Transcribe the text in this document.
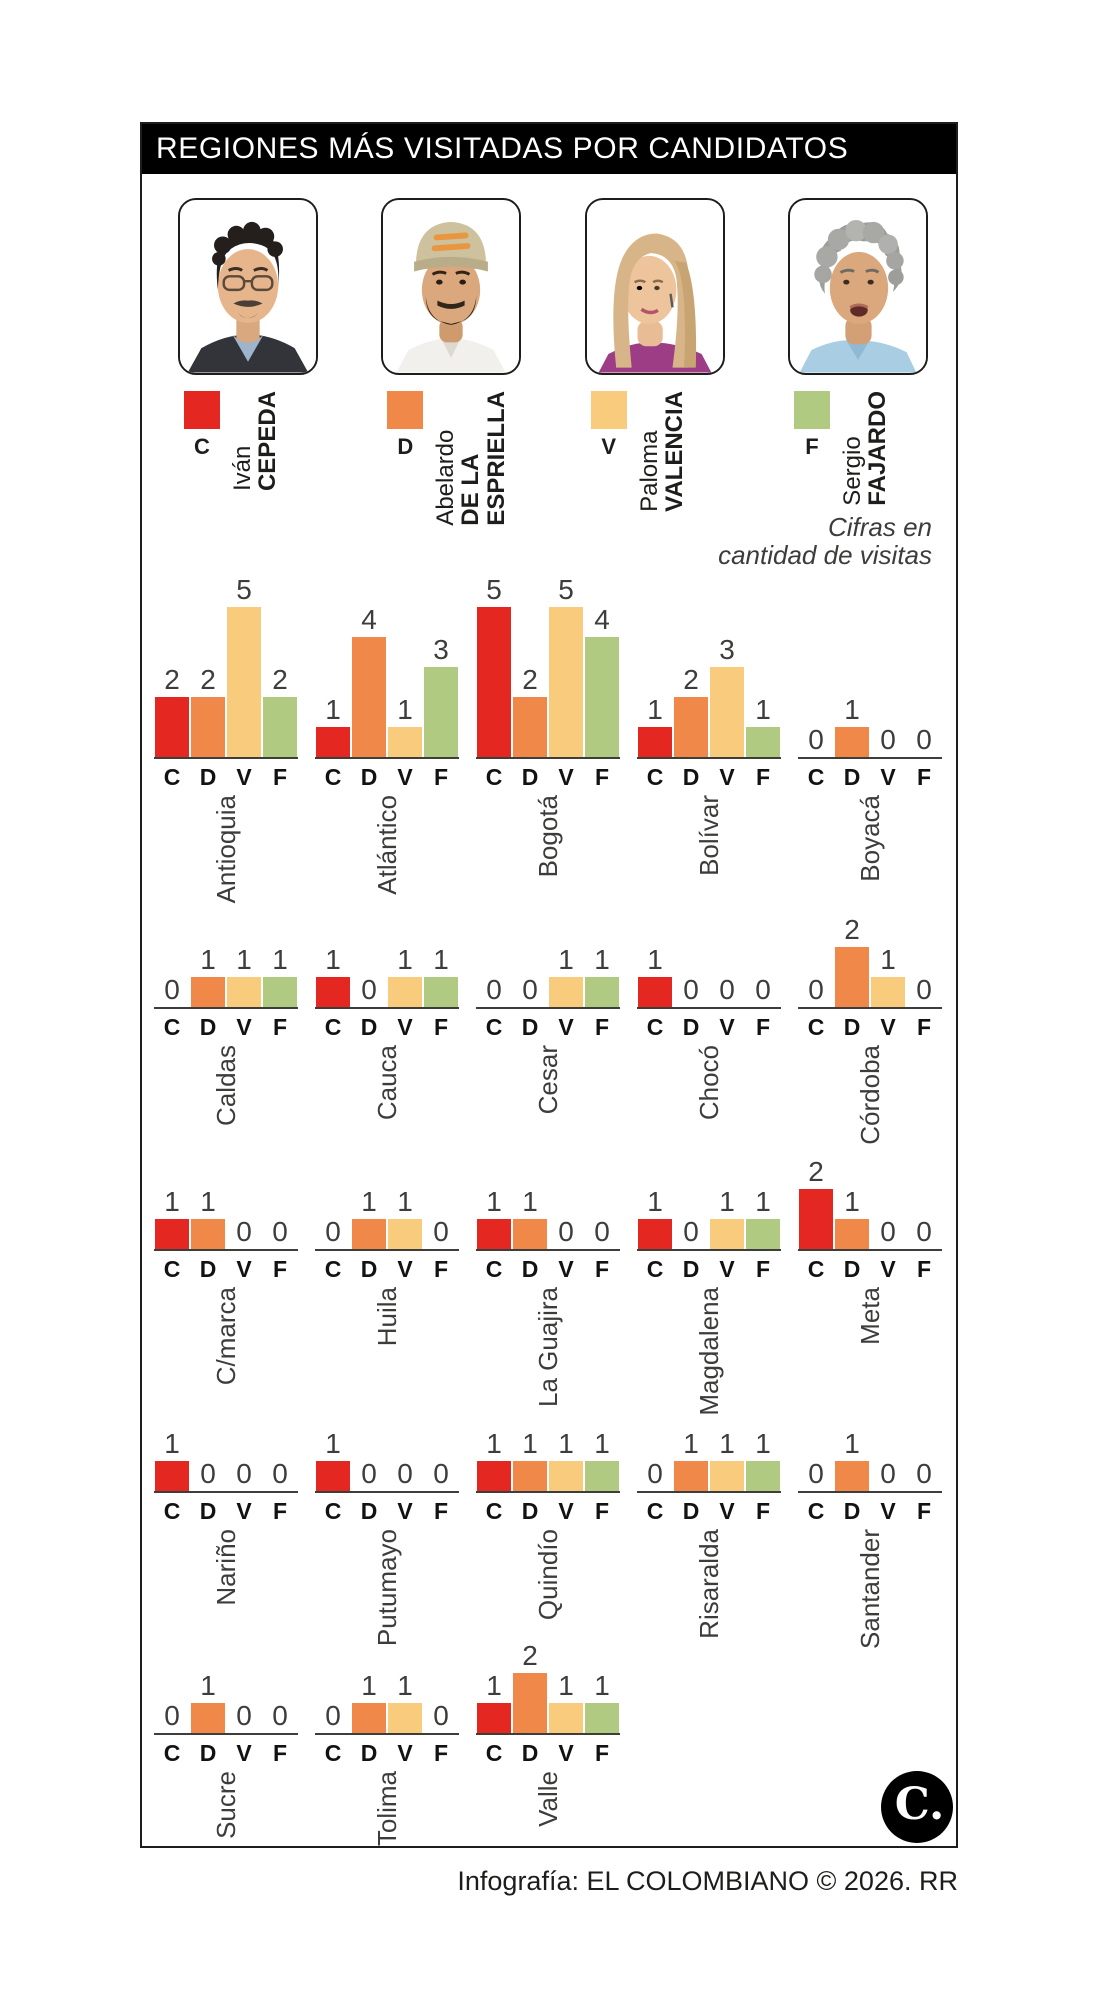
REGIONES MÁS VISITADAS POR CANDIDATOS
C Iván
CEPEDA	D Abelardo
DE LA
ESPRIELLA	V Paloma
VALENCIA	F Sergio
FAJARDO
Cifras en
cantidad de visitas
2 2
5
2
C D V F
Antioquia
1
4
1
3
C D V F
Atlántico
5
2
5
4
C D V F
Bogotá
1
2
3
1
C D V F
Bolívar
0
1
0 0
C D V F
Boyacá
0
1 1 1
C D V F
Caldas
1
0
1 1
C D V F
Cauca
0 0
1 1
C D V F
Cesar
1
0 0 0
C D V F
Chocó
0
2
1
0
C D V F
Córdoba
1 1
0 0
C D V F
C/marca
0
1 1
0
C D V F
Huila
1 1
0 0
C D V F
La Guajira
1
0
1 1
C D V F
Magdalena
2
1
0 0
C D V F
Meta
1
0 0 0
C D V F
Nariño
1
0 0 0
C D V F
Putumayo
1 1 1 1
C D V F
Quindío
0
1 1 1
C D V F
Risaralda
0
1
0 0
C D V F
Santander
0
1
0 0
C D V F
Sucre
0
1 1
0
C D V F
Tolima
1
2
1 1
C D V F
Valle	C.
Infografía: EL COLOMBIANO © 2026. RR
